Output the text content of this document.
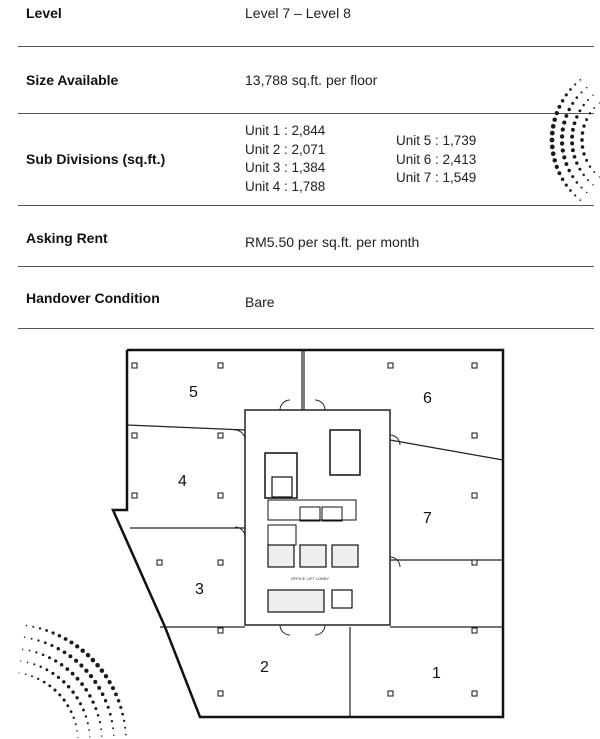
Level	Level 7 – Level 8
Size Available	13,788 sq.ft. per floor
Sub Divisions (sq.ft.)
Unit 1 : 2,844
Unit 2 : 2,071
Unit 3 : 1,384
Unit 4 : 1,788
Unit 5 : 1,739
Unit 6 : 2,413
Unit 7 : 1,549
Asking Rent	RM5.50 per sq.ft. per month
Handover Condition	Bare
OFFICE LIFT LOBBY
1
2
3
4
5	6
7
